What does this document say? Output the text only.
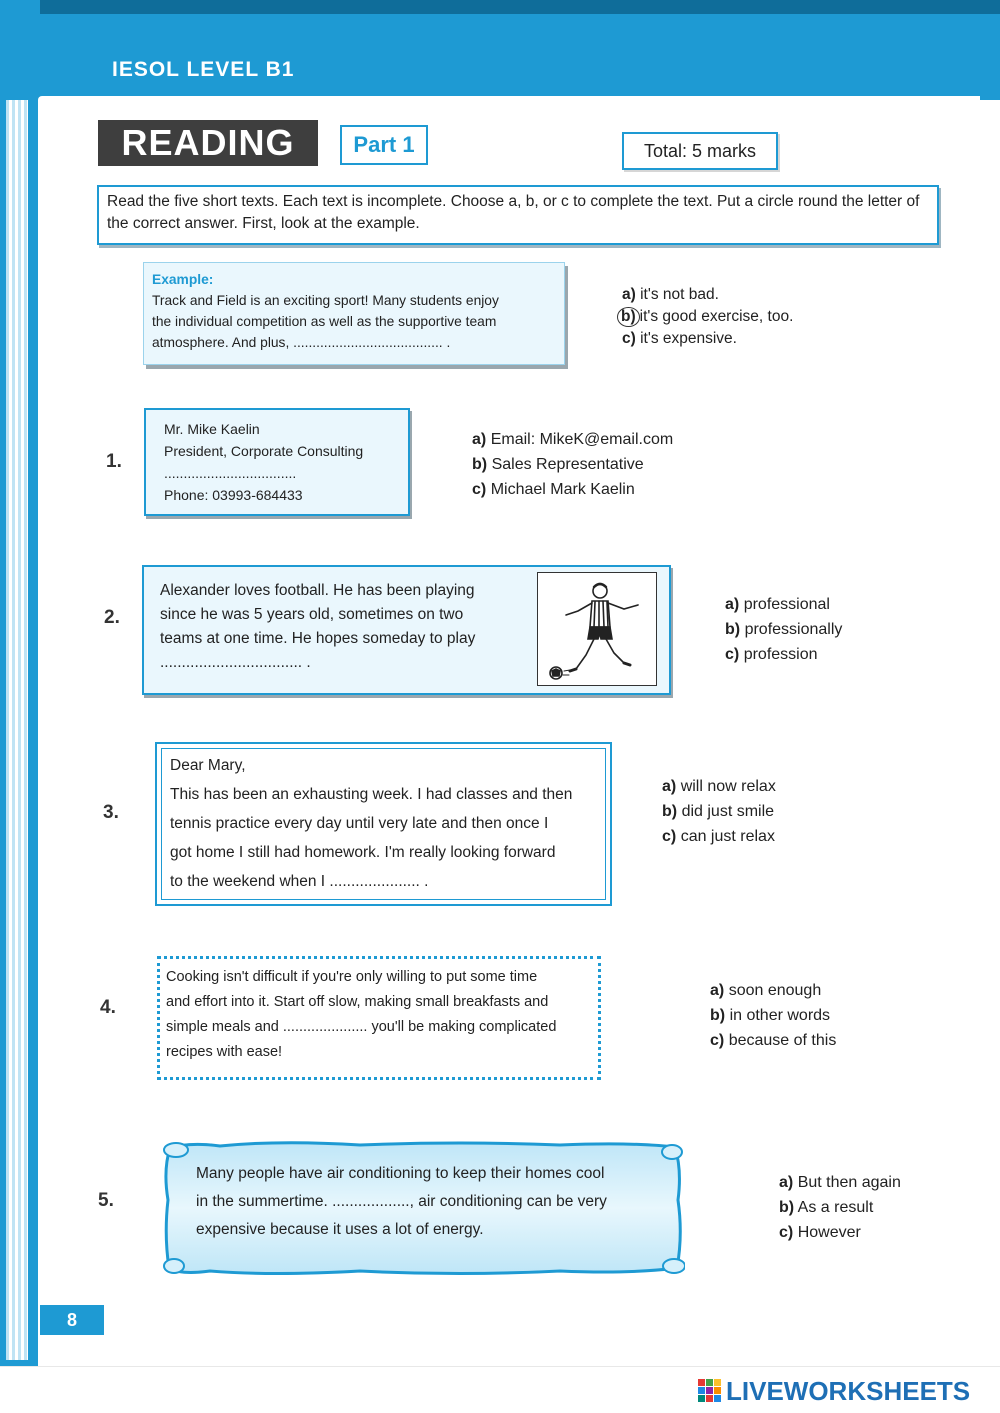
IESOL LEVEL B1
READING	Part 1	Total: 5 marks
Read the five short texts. Each text is incomplete. Choose a, b, or c to complete the text. Put a circle round the letter of the correct answer. First, look at the example.
Example:
Track and Field is an exciting sport! Many students enjoy
the individual competition as well as the supportive team
atmosphere. And plus, ....................................... .
a) it's not bad.
b) it's good exercise, too.
c) it's expensive.
1.
Mr. Mike Kaelin
President, Corporate Consulting
..................................
Phone: 03993-684433
a) Email: MikeK@email.com
b) Sales Representative
c) Michael Mark Kaelin
2.
Alexander loves football. He has been playing
since he was 5 years old, sometimes on two
teams at one time. He hopes someday to play
................................. .
a) professional
b) professionally
c) profession
3.
Dear Mary,
This has been an exhausting week. I had classes and then
tennis practice every day until very late and then once I
got home I still had homework. I'm really looking forward
to the weekend when I ..................... .
a) will now relax
b) did just smile
c) can just relax
4.
Cooking isn't difficult if you're only willing to put some time
and effort into it. Start off slow, making small breakfasts and
simple meals and ..................... you'll be making complicated
recipes with ease!
a) soon enough
b) in other words
c) because of this
5.
Many people have air conditioning to keep their homes cool
in the summertime. .................., air conditioning can be very
expensive because it uses a lot of energy.
a) But then again
b) As a result
c) However
8
LIVEWORKSHEETS
